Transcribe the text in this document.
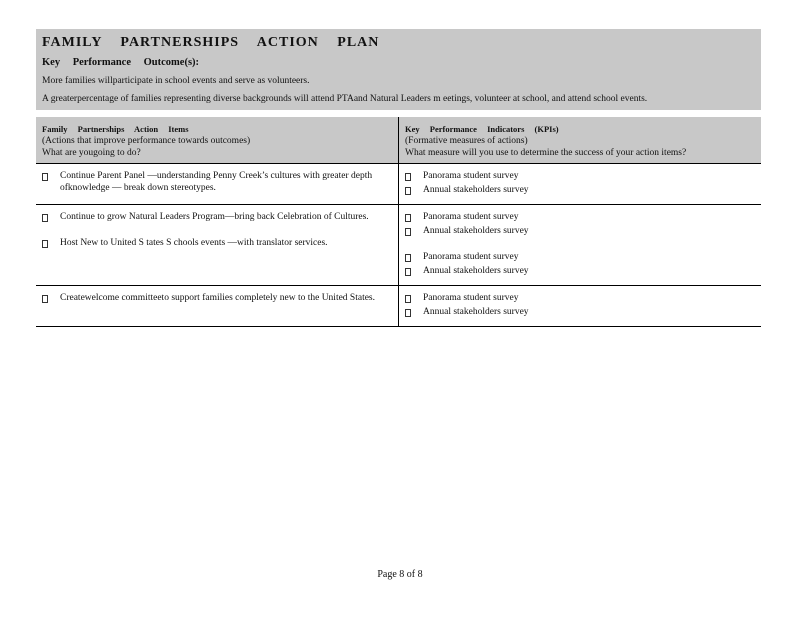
FAMILY PARTNERSHIPS ACTION PLAN
Key Performance Outcome(s):
More families willparticipate in school events and serve as volunteers.
A greaterpercentage of families representing diverse backgrounds will attend PTAand Natural Leaders m eetings, volunteer at school, and attend school events.
Family Partnerships Action Items
(Actions that improve performance towards outcomes)
What are yougoing to do?
Key Performance Indicators (KPIs)
(Formative measures of actions)
What measure will you use to determine the success of your action items?
Continue Parent Panel —understanding Penny Creek’s cultures with greater depth ofknowledge — break down stereotypes.
Panorama student survey
Annual stakeholders survey
Continue to grow Natural Leaders Program—bring back Celebration of Cultures.
Host New to United S tates S chools events —with translator services.
Panorama student survey
Annual stakeholders survey
Panorama student survey
Annual stakeholders survey
Createwelcome committeeto support families completely new to the United States.	Panorama student survey
Annual stakeholders survey
Page 8 of 8
